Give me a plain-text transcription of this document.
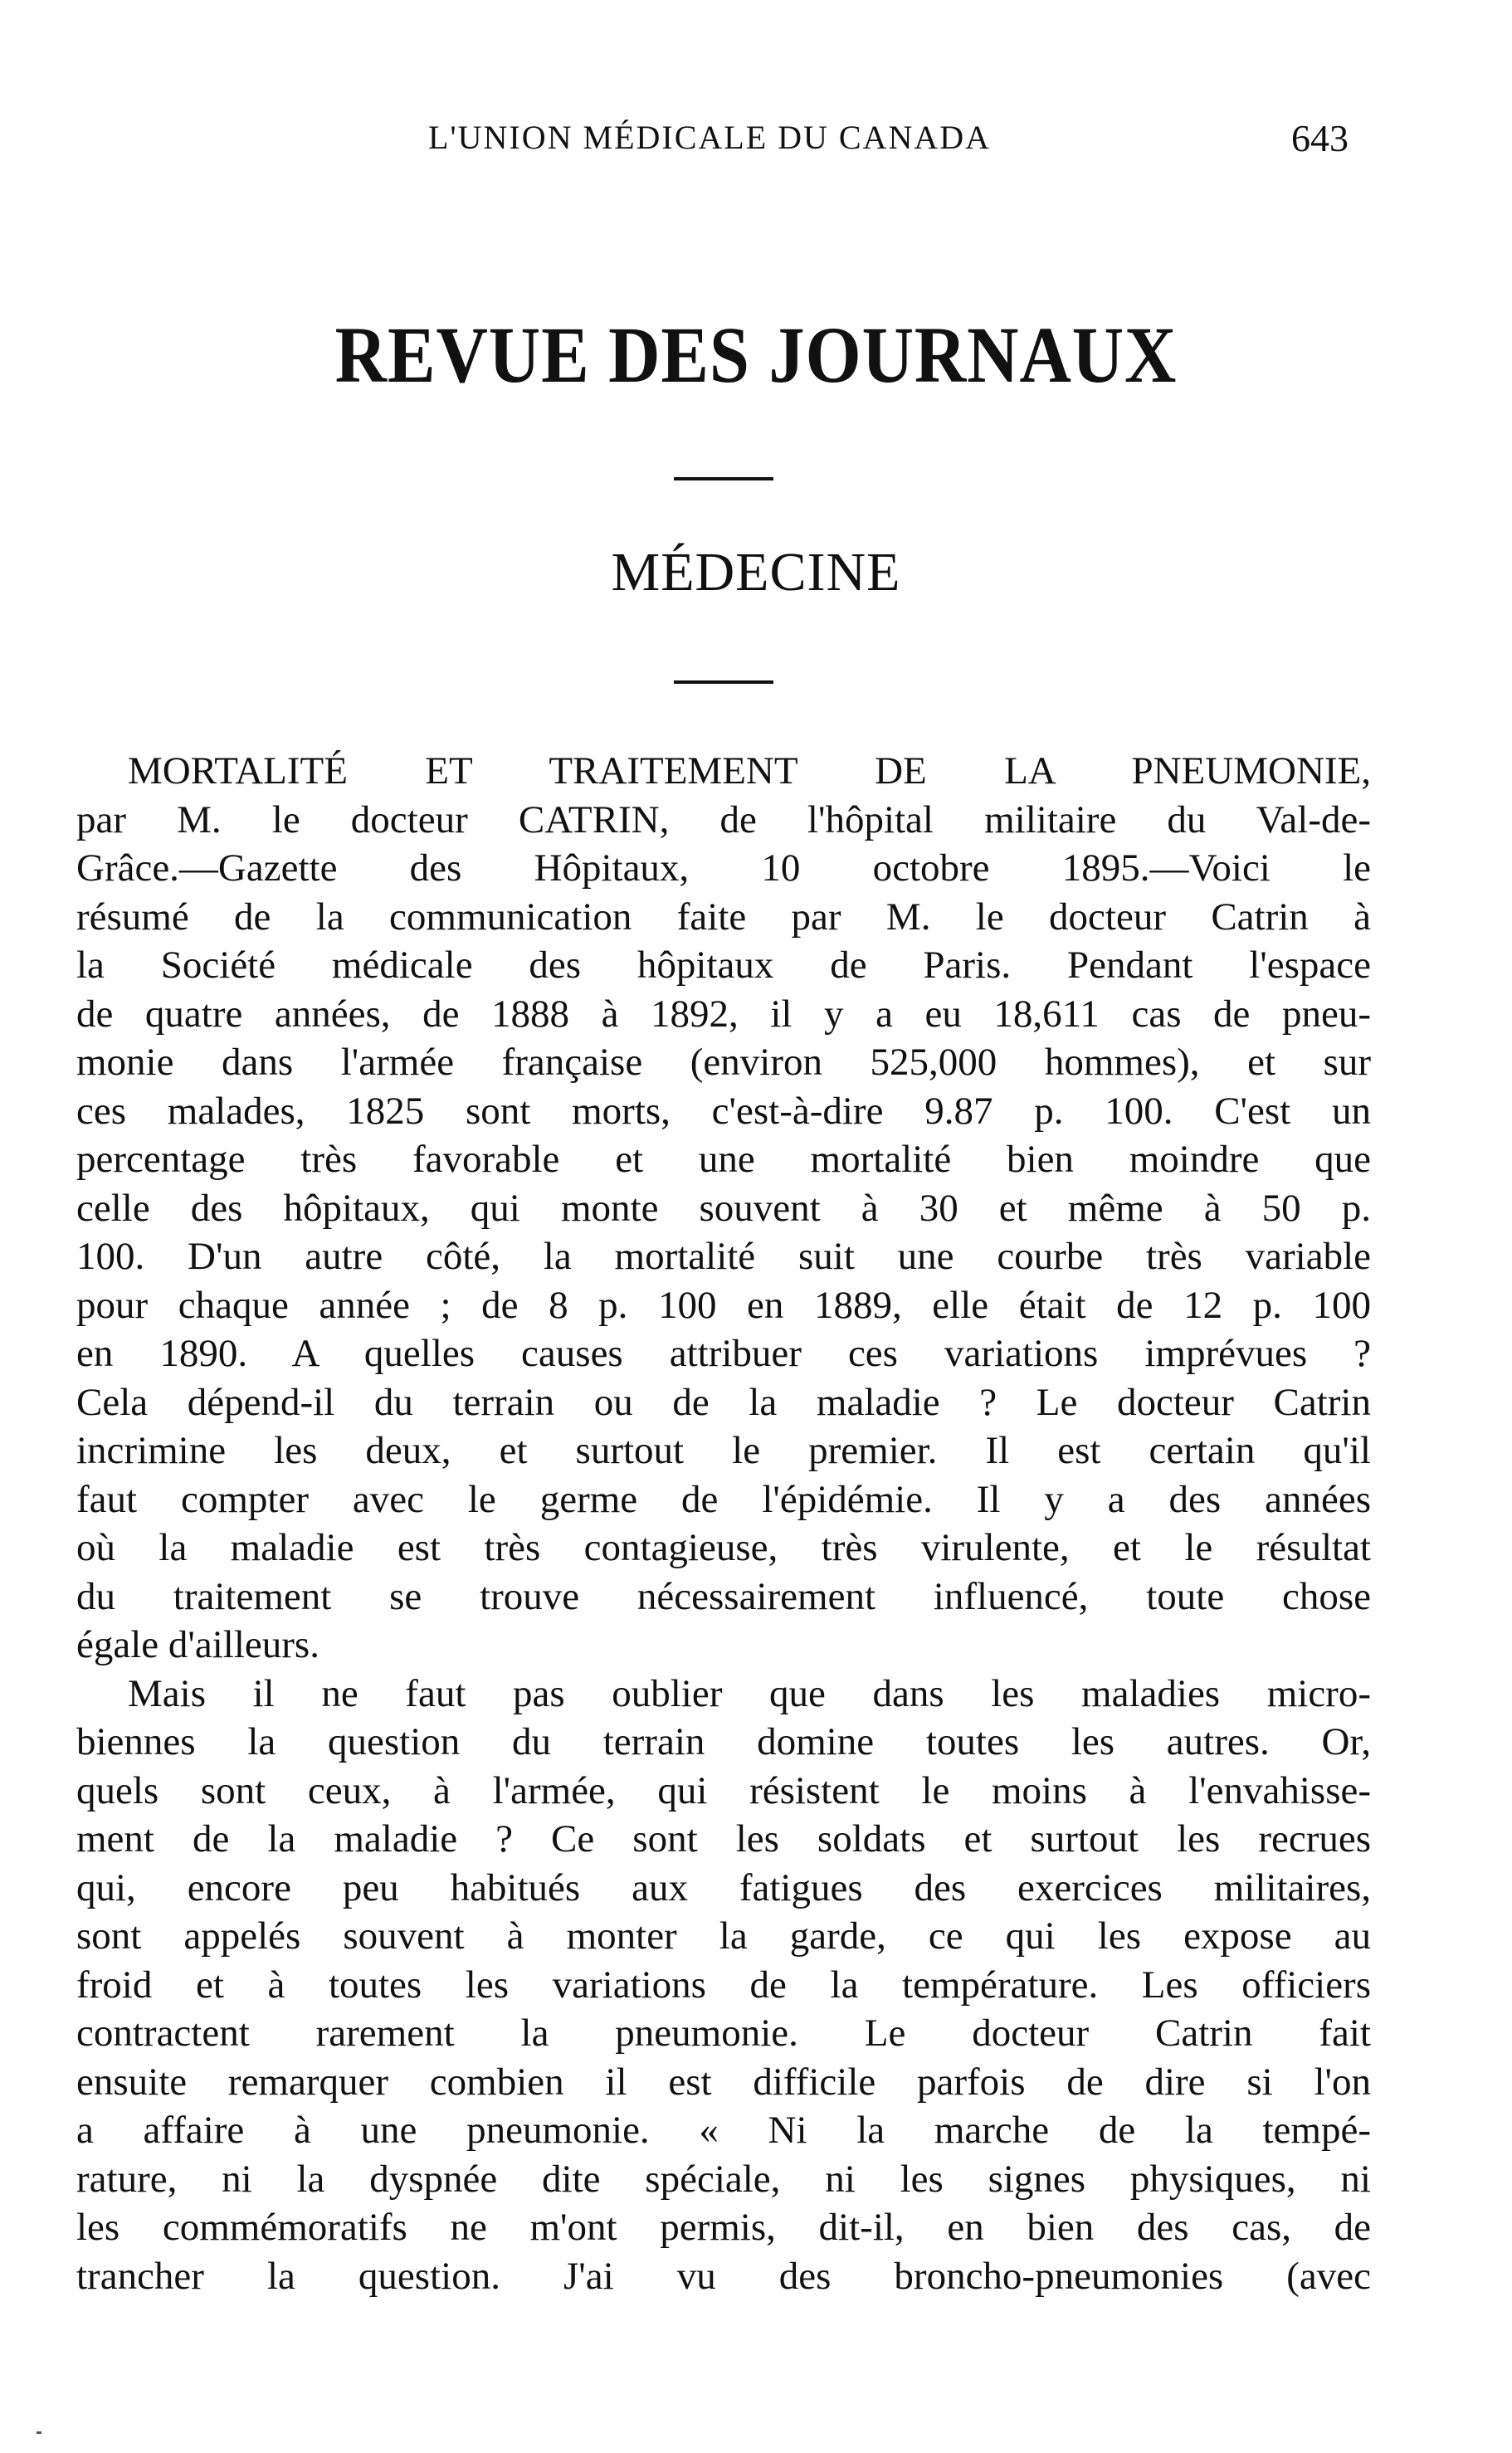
L'UNION MÉDICALE DU CANADA	643
REVUE DES JOURNAUX
MÉDECINE
MORTALITÉ ET TRAITEMENT DE LA PNEUMONIE,
par M. le docteur CATRIN, de l'hôpital militaire du Val-de-
Grâce.—Gazette des Hôpitaux, 10 octobre 1895.—Voici le
résumé de la communication faite par M. le docteur Catrin à
la Société médicale des hôpitaux de Paris. Pendant l'espace
de quatre années, de 1888 à 1892, il y a eu 18,611 cas de pneu-
monie dans l'armée française (environ 525,000 hommes), et sur
ces malades, 1825 sont morts, c'est-à-dire 9.87 p. 100. C'est un
percentage très favorable et une mortalité bien moindre que
celle des hôpitaux, qui monte souvent à 30 et même à 50 p.
100. D'un autre côté, la mortalité suit une courbe très variable
pour chaque année ; de 8 p. 100 en 1889, elle était de 12 p. 100
en 1890. A quelles causes attribuer ces variations imprévues ?
Cela dépend-il du terrain ou de la maladie ? Le docteur Catrin
incrimine les deux, et surtout le premier. Il est certain qu'il
faut compter avec le germe de l'épidémie. Il y a des années
où la maladie est très contagieuse, très virulente, et le résultat
du traitement se trouve nécessairement influencé, toute chose
égale d'ailleurs.
Mais il ne faut pas oublier que dans les maladies micro-
biennes la question du terrain domine toutes les autres. Or,
quels sont ceux, à l'armée, qui résistent le moins à l'envahisse-
ment de la maladie ? Ce sont les soldats et surtout les recrues
qui, encore peu habitués aux fatigues des exercices militaires,
sont appelés souvent à monter la garde, ce qui les expose au
froid et à toutes les variations de la température. Les officiers
contractent rarement la pneumonie. Le docteur Catrin fait
ensuite remarquer combien il est difficile parfois de dire si l'on
a affaire à une pneumonie. « Ni la marche de la tempé-
rature, ni la dyspnée dite spéciale, ni les signes physiques, ni
les commémoratifs ne m'ont permis, dit-il, en bien des cas, de
trancher la question. J'ai vu des broncho-pneumonies (avec
